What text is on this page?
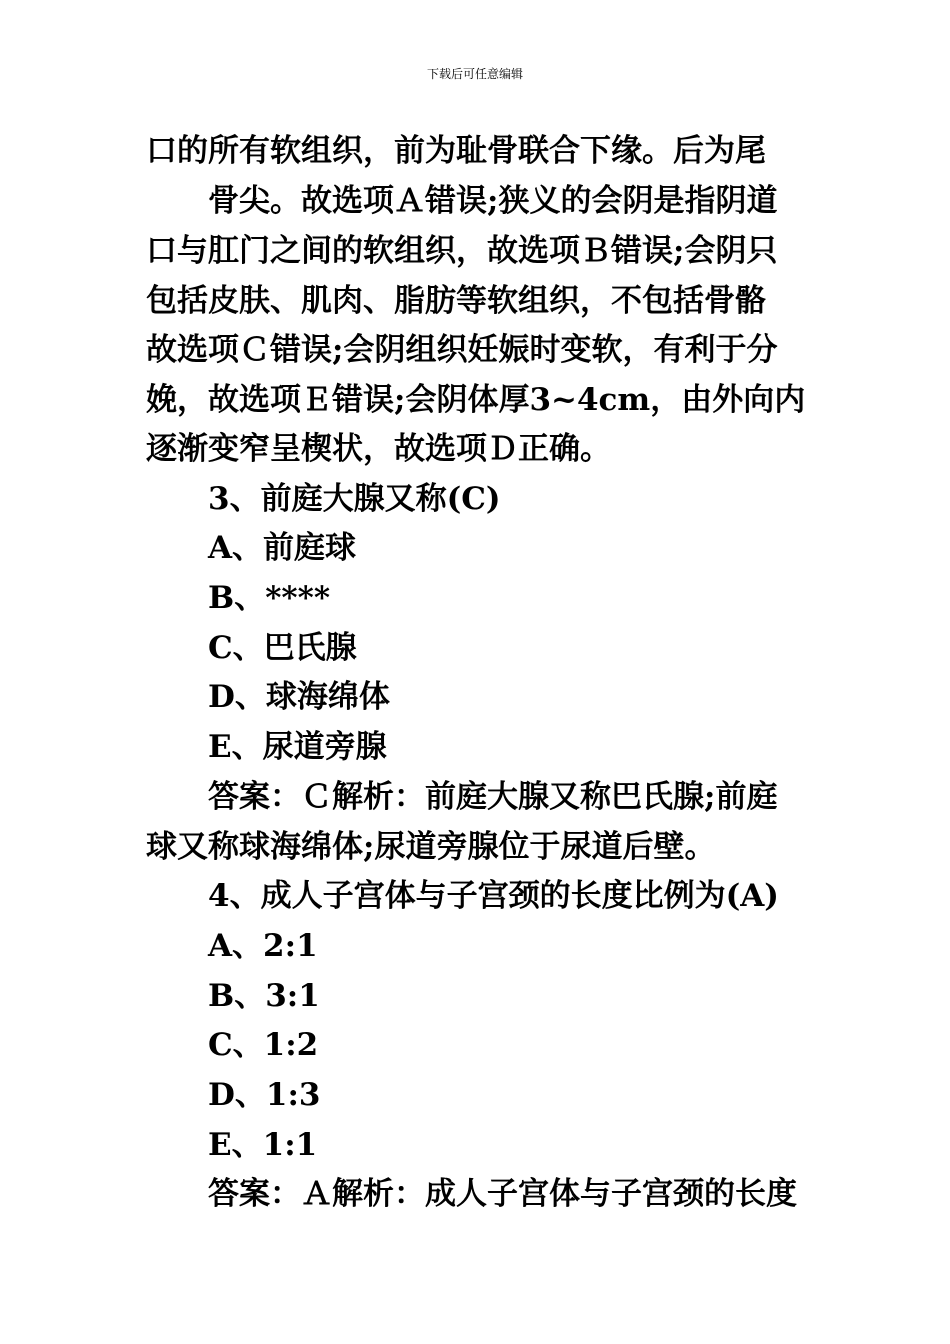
下载后可任意编辑
口的所有软组织，前为耻骨联合下缘。后为尾
骨尖。故选项Ａ错误;狭义的会阴是指阴道
口与肛门之间的软组织，故选项Ｂ错误;会阴只
包括皮肤、肌肉、脂肪等软组织，不包括骨骼
故选项Ｃ错误;会阴组织妊娠时变软，有利于分
娩，故选项Ｅ错误;会阴体厚3~4cm，由外向内
逐渐变窄呈楔状，故选项Ｄ正确。
3、前庭大腺又称(C)
A、前庭球
B、****
C、巴氏腺
D、球海绵体
E、尿道旁腺
答案：Ｃ解析：前庭大腺又称巴氏腺;前庭
球又称球海绵体;尿道旁腺位于尿道后壁。
4、成人子宫体与子宫颈的长度比例为(A)
A、2:1
B、3:1
C、1:2
D、1:3
E、1:1
答案：Ａ解析：成人子宫体与子宫颈的长度
